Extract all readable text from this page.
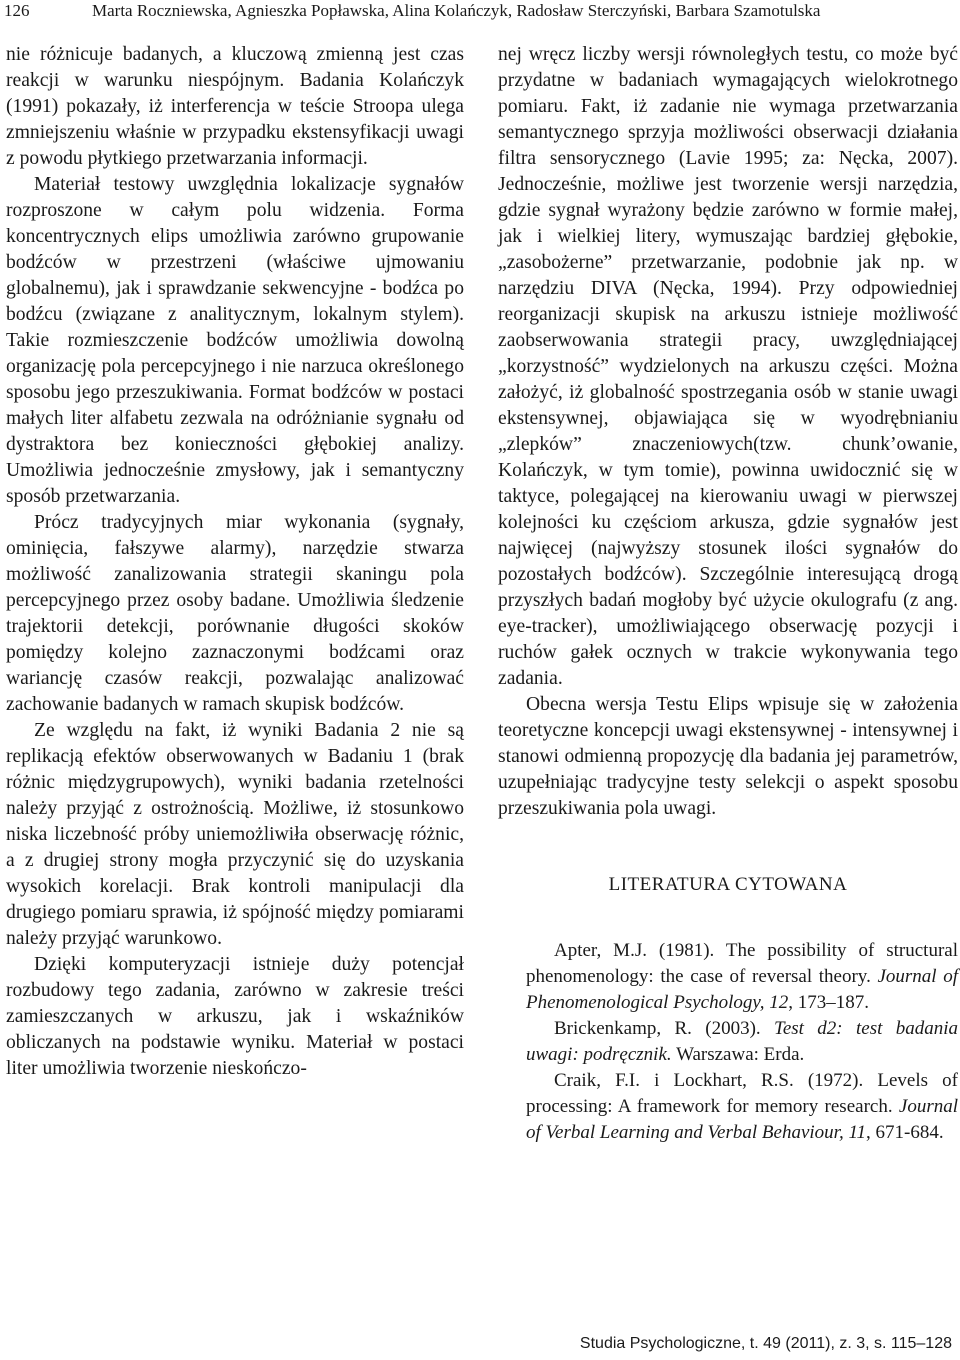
126	Marta Roczniewska, Agnieszka Popławska, Alina Kolańczyk, Radosław Sterczyński, Barbara Szamotulska

nie różnicuje badanych, a kluczową zmienną jest czas reakcji w warunku niespójnym. Badania Kolańczyk (1991) pokazały, iż interferencja w teście Stroopa ulega zmniejszeniu właśnie w przypadku ekstensyfikacji uwagi z powodu płytkiego przetwarzania informacji.

Materiał testowy uwzględnia lokalizacje sygnałów rozproszone w całym polu widzenia. Forma koncentrycznych elips umożliwia zarówno grupowanie bodźców w przestrzeni (właściwe ujmowaniu globalnemu), jak i sprawdzanie sekwencyjne - bodźca po bodźcu (związane z analitycznym, lokalnym stylem). Takie rozmieszczenie bodźców umożliwia dowolną organizację pola percepcyjnego i nie narzuca określonego sposobu jego przeszukiwania. Format bodźców w postaci małych liter alfabetu zezwala na odróżnianie sygnału od dystraktora bez konieczności głębokiej analizy. Umożliwia jednocześnie zmysłowy, jak i semantyczny sposób przetwarzania.

Prócz tradycyjnych miar wykonania (sygnały, ominięcia, fałszywe alarmy), narzędzie stwarza możliwość zanalizowania strategii skaningu pola percepcyjnego przez osoby badane. Umożliwia śledzenie trajektorii detekcji, porównanie długości skoków pomiędzy kolejno zaznaczonymi bodźcami oraz wariancję czasów reakcji, pozwalając analizować zachowanie badanych w ramach skupisk bodźców.

Ze względu na fakt, iż wyniki Badania 2 nie są replikacją efektów obserwowanych w Badaniu 1 (brak różnic międzygrupowych), wyniki badania rzetelności należy przyjąć z ostrożnością. Możliwe, iż stosunkowo niska liczebność próby uniemożliwiła obserwację różnic, a z drugiej strony mogła przyczynić się do uzyskania wysokich korelacji. Brak kontroli manipulacji dla drugiego pomiaru sprawia, iż spójność między pomiarami należy przyjąć warunkowo.

Dzięki komputeryzacji istnieje duży potencjał rozbudowy tego zadania, zarówno w zakresie treści zamieszczanych w arkuszu, jak i wskaźników obliczanych na podstawie wyniku. Materiał w postaci liter umożliwia tworzenie nieskończo-

nej wręcz liczby wersji równoległych testu, co może być przydatne w badaniach wymagających wielokrotnego pomiaru. Fakt, iż zadanie nie wymaga przetwarzania semantycznego sprzyja możliwości obserwacji działania filtra sensorycznego (Lavie 1995; za: Nęcka, 2007). Jednocześnie, możliwe jest tworzenie wersji narzędzia, gdzie sygnał wyrażony będzie zarówno w formie małej, jak i wielkiej litery, wymuszając bardziej głębokie, „zasobożerne” przetwarzanie, podobnie jak np. w narzędziu DIVA (Nęcka, 1994). Przy odpowiedniej reorganizacji skupisk na arkuszu istnieje możliwość zaobserwowania strategii pracy, uwzględniającej „korzystność” wydzielonych na arkuszu części. Można założyć, iż globalność spostrzegania osób w stanie uwagi ekstensywnej, objawiająca się w wyodrębnianiu „zlepków” znaczeniowych(tzw. chunk’owanie, Kolańczyk, w tym tomie), powinna uwidocznić się w taktyce, polegającej na kierowaniu uwagi w pierwszej kolejności ku częściom arkusza, gdzie sygnałów jest najwięcej (najwyższy stosunek ilości sygnałów do pozostałych bodźców). Szczególnie interesującą drogą przyszłych badań mogłoby być użycie okulografu (z ang. eye-tracker), umożliwiającego obserwację pozycji i ruchów gałek ocznych w trakcie wykonywania tego zadania.

Obecna wersja Testu Elips wpisuje się w założenia teoretyczne koncepcji uwagi ekstensywnej - intensywnej i stanowi odmienną propozycję dla badania jej parametrów, uzupełniając tradycyjne testy selekcji o aspekt sposobu przeszukiwania pola uwagi.

LITERATURA CYTOWANA

Apter, M.J. (1981). The possibility of structural phenomenology: the case of reversal theory. Journal of Phenomenological Psychology, 12, 173–187.

Brickenkamp, R. (2003). Test d2: test badania uwagi: podręcznik. Warszawa: Erda.

Craik, F.I. i Lockhart, R.S. (1972). Levels of processing: A framework for memory research. Journal of Verbal Learning and Verbal Behaviour, 11, 671-684.

Studia Psychologiczne, t. 49 (2011), z. 3, s. 115–128
